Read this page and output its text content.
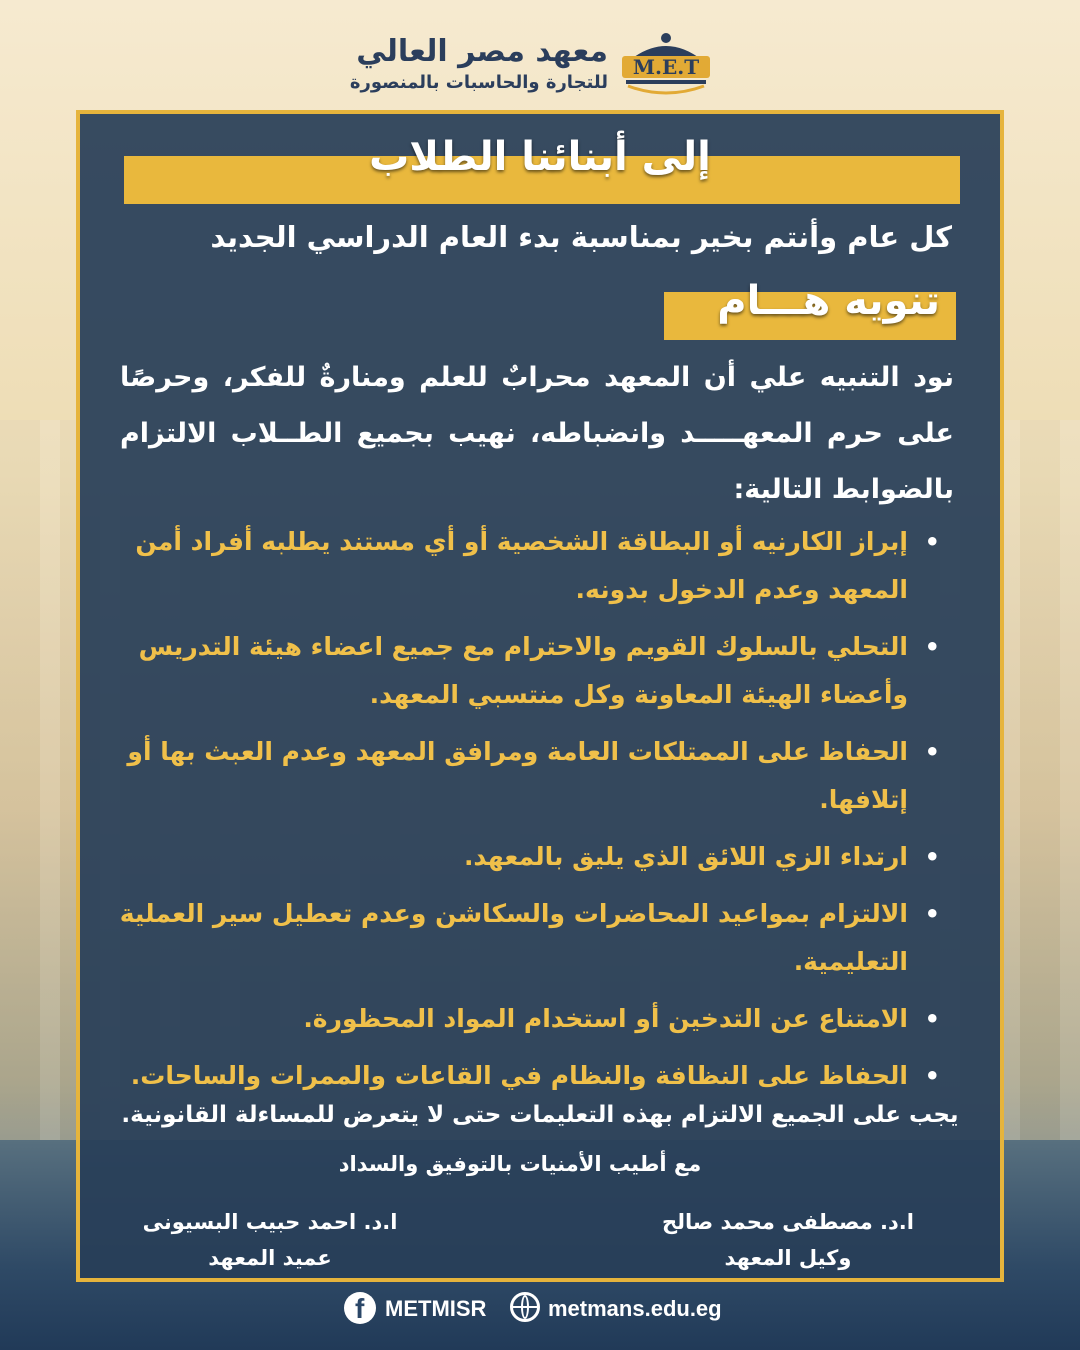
معهد مصر العالي
للتجارة والحاسبات بالمنصورة
M.E.T
إلى أبنائنا الطلاب
كل عام وأنتم بخير بمناسبة بدء العام الدراسي الجديد
تنويه هـــام
نود التنبيه علي أن المعهد محرابٌ للعلم ومنارةٌ للفكر، وحرصًا على حرم المعهـــــد وانضباطه، نهيب بجميع الطــلاب الالتزام بالضوابط التالية:
• إبراز الكارنيه أو البطاقة الشخصية أو أي مستند يطلبه أفراد أمن المعهد وعدم الدخول بدونه.
• التحلي بالسلوك القويم والاحترام مع جميع اعضاء هيئة التدريس وأعضاء الهيئة المعاونة وكل منتسبي المعهد.
• الحفاظ على الممتلكات العامة ومرافق المعهد وعدم العبث بها أو إتلافها.
• ارتداء الزي اللائق الذي يليق بالمعهد.
• الالتزام بمواعيد المحاضرات والسكاشن وعدم تعطيل سير العملية التعليمية.
• الامتناع عن التدخين أو استخدام المواد المحظورة.
• الحفاظ على النظافة والنظام في القاعات والممرات والساحات.
يجب على الجميع الالتزام بهذه التعليمات حتى لا يتعرض للمساءلة القانونية.
مع أطيب الأمنيات بالتوفيق والسداد
ا.د. مصطفى محمد صالح
وكيل المعهد
ا.د. احمد حبيب البسيونى
عميد المعهد
f METMISR	metmans.edu.eg
